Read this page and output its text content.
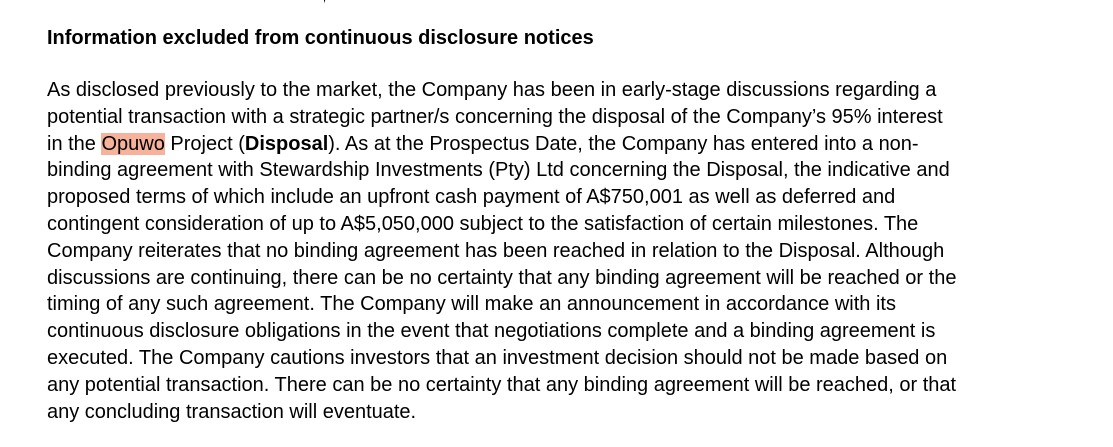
Information excluded from continuous disclosure notices

As disclosed previously to the market, the Company has been in early-stage discussions regarding a
potential transaction with a strategic partner/s concerning the disposal of the Company’s 95% interest
in the Opuwo Project (Disposal). As at the Prospectus Date, the Company has entered into a non-
binding agreement with Stewardship Investments (Pty) Ltd concerning the Disposal, the indicative and
proposed terms of which include an upfront cash payment of A$750,001 as well as deferred and
contingent consideration of up to A$5,050,000 subject to the satisfaction of certain milestones. The
Company reiterates that no binding agreement has been reached in relation to the Disposal. Although
discussions are continuing, there can be no certainty that any binding agreement will be reached or the
timing of any such agreement. The Company will make an announcement in accordance with its
continuous disclosure obligations in the event that negotiations complete and a binding agreement is
executed. The Company cautions investors that an investment decision should not be made based on
any potential transaction. There can be no certainty that any binding agreement will be reached, or that
any concluding transaction will eventuate.
